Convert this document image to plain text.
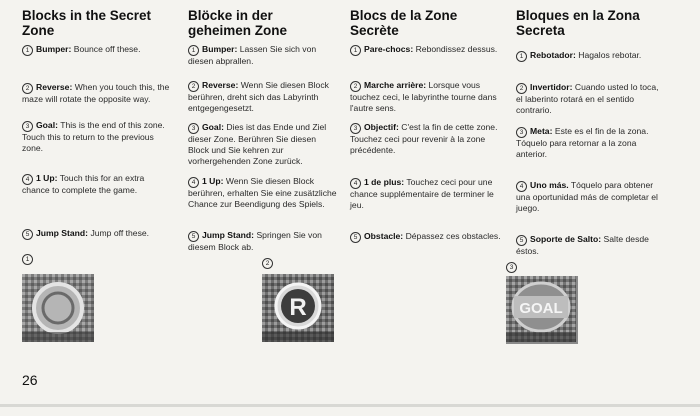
Blocks in the Secret Zone
1 Bumper: Bounce off these.
2 Reverse: When you touch this, the maze will rotate the opposite way.
3 Goal: This is the end of this zone. Touch this to return to the previous zone.
4 1 Up: Touch this for an extra chance to complete the game.
5 Jump Stand: Jump off these.
Blöcke in der geheimen Zone
1 Bumper: Lassen Sie sich von diesen abprallen.
2 Reverse: Wenn Sie diesen Block berühren, dreht sich das Labyrinth entgegengesetzt.
3 Goal: Dies ist das Ende und Ziel dieser Zone. Berühren Sie diesen Block und Sie kehren zur vorhergehenden Zone zurück.
4 1 Up: Wenn Sie diesen Block berühren, erhalten Sie eine zusätzliche Chance zur Beendigung des Spiels.
5 Jump Stand: Springen Sie von diesem Block ab.
Blocs de la Zone Secrète
1 Pare-chocs: Rebondissez dessus.
2 Marche arrière: Lorsque vous touchez ceci, le labyrinthe tourne dans l'autre sens.
3 Objectif: C'est la fin de cette zone. Touchez ceci pour revenir à la zone précédente.
4 1 de plus: Touchez ceci pour une chance supplémentaire de terminer le jeu.
5 Obstacle: Dépassez ces obstacles.
Bloques en la Zona Secreta
1 Rebotador: Hagalos rebotar.
2 Invertidor: Cuando usted lo toca, el laberinto rotará en el sentido contrario.
3 Meta: Este es el fin de la zona. Tóquelo para retornar a la zona anterior.
4 Uno más. Tóquelo para obtener una oportunidad más de completar el juego.
5 Soporte de Salto: Salte desde éstos.
1
2
3
R	GOAL
26
